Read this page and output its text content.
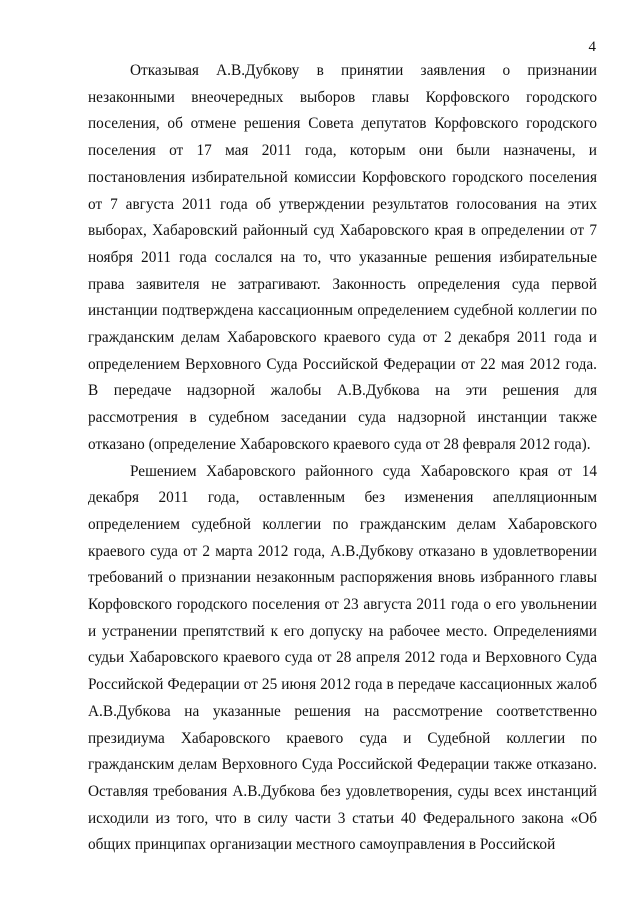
4

Отказывая А.В.Дубкову в принятии заявления о признании незаконными внеочередных выборов главы Корфовского городского поселения, об отмене решения Совета депутатов Корфовского городского поселения от 17 мая 2011 года, которым они были назначены, и постановления избирательной комиссии Корфовского городского поселения от 7 августа 2011 года об утверждении результатов голосования на этих выборах, Хабаровский районный суд Хабаровского края в определении от 7 ноября 2011 года сослался на то, что указанные решения избирательные права заявителя не затрагивают. Законность определения суда первой инстанции подтверждена кассационным определением судебной коллегии по гражданским делам Хабаровского краевого суда от 2 декабря 2011 года и определением Верховного Суда Российской Федерации от 22 мая 2012 года. В передаче надзорной жалобы А.В.Дубкова на эти решения для рассмотрения в судебном заседании суда надзорной инстанции также отказано (определение Хабаровского краевого суда от 28 февраля 2012 года).

Решением Хабаровского районного суда Хабаровского края от 14 декабря 2011 года, оставленным без изменения апелляционным определением судебной коллегии по гражданским делам Хабаровского краевого суда от 2 марта 2012 года, А.В.Дубкову отказано в удовлетворении требований о признании незаконным распоряжения вновь избранного главы Корфовского городского поселения от 23 августа 2011 года о его увольнении и устранении препятствий к его допуску на рабочее место. Определениями судьи Хабаровского краевого суда от 28 апреля 2012 года и Верховного Суда Российской Федерации от 25 июня 2012 года в передаче кассационных жалоб А.В.Дубкова на указанные решения на рассмотрение соответственно президиума Хабаровского краевого суда и Судебной коллегии по гражданским делам Верховного Суда Российской Федерации также отказано. Оставляя требования А.В.Дубкова без удовлетворения, суды всех инстанций исходили из того, что в силу части 3 статьи 40 Федерального закона «Об общих принципах организации местного самоуправления в Российской
